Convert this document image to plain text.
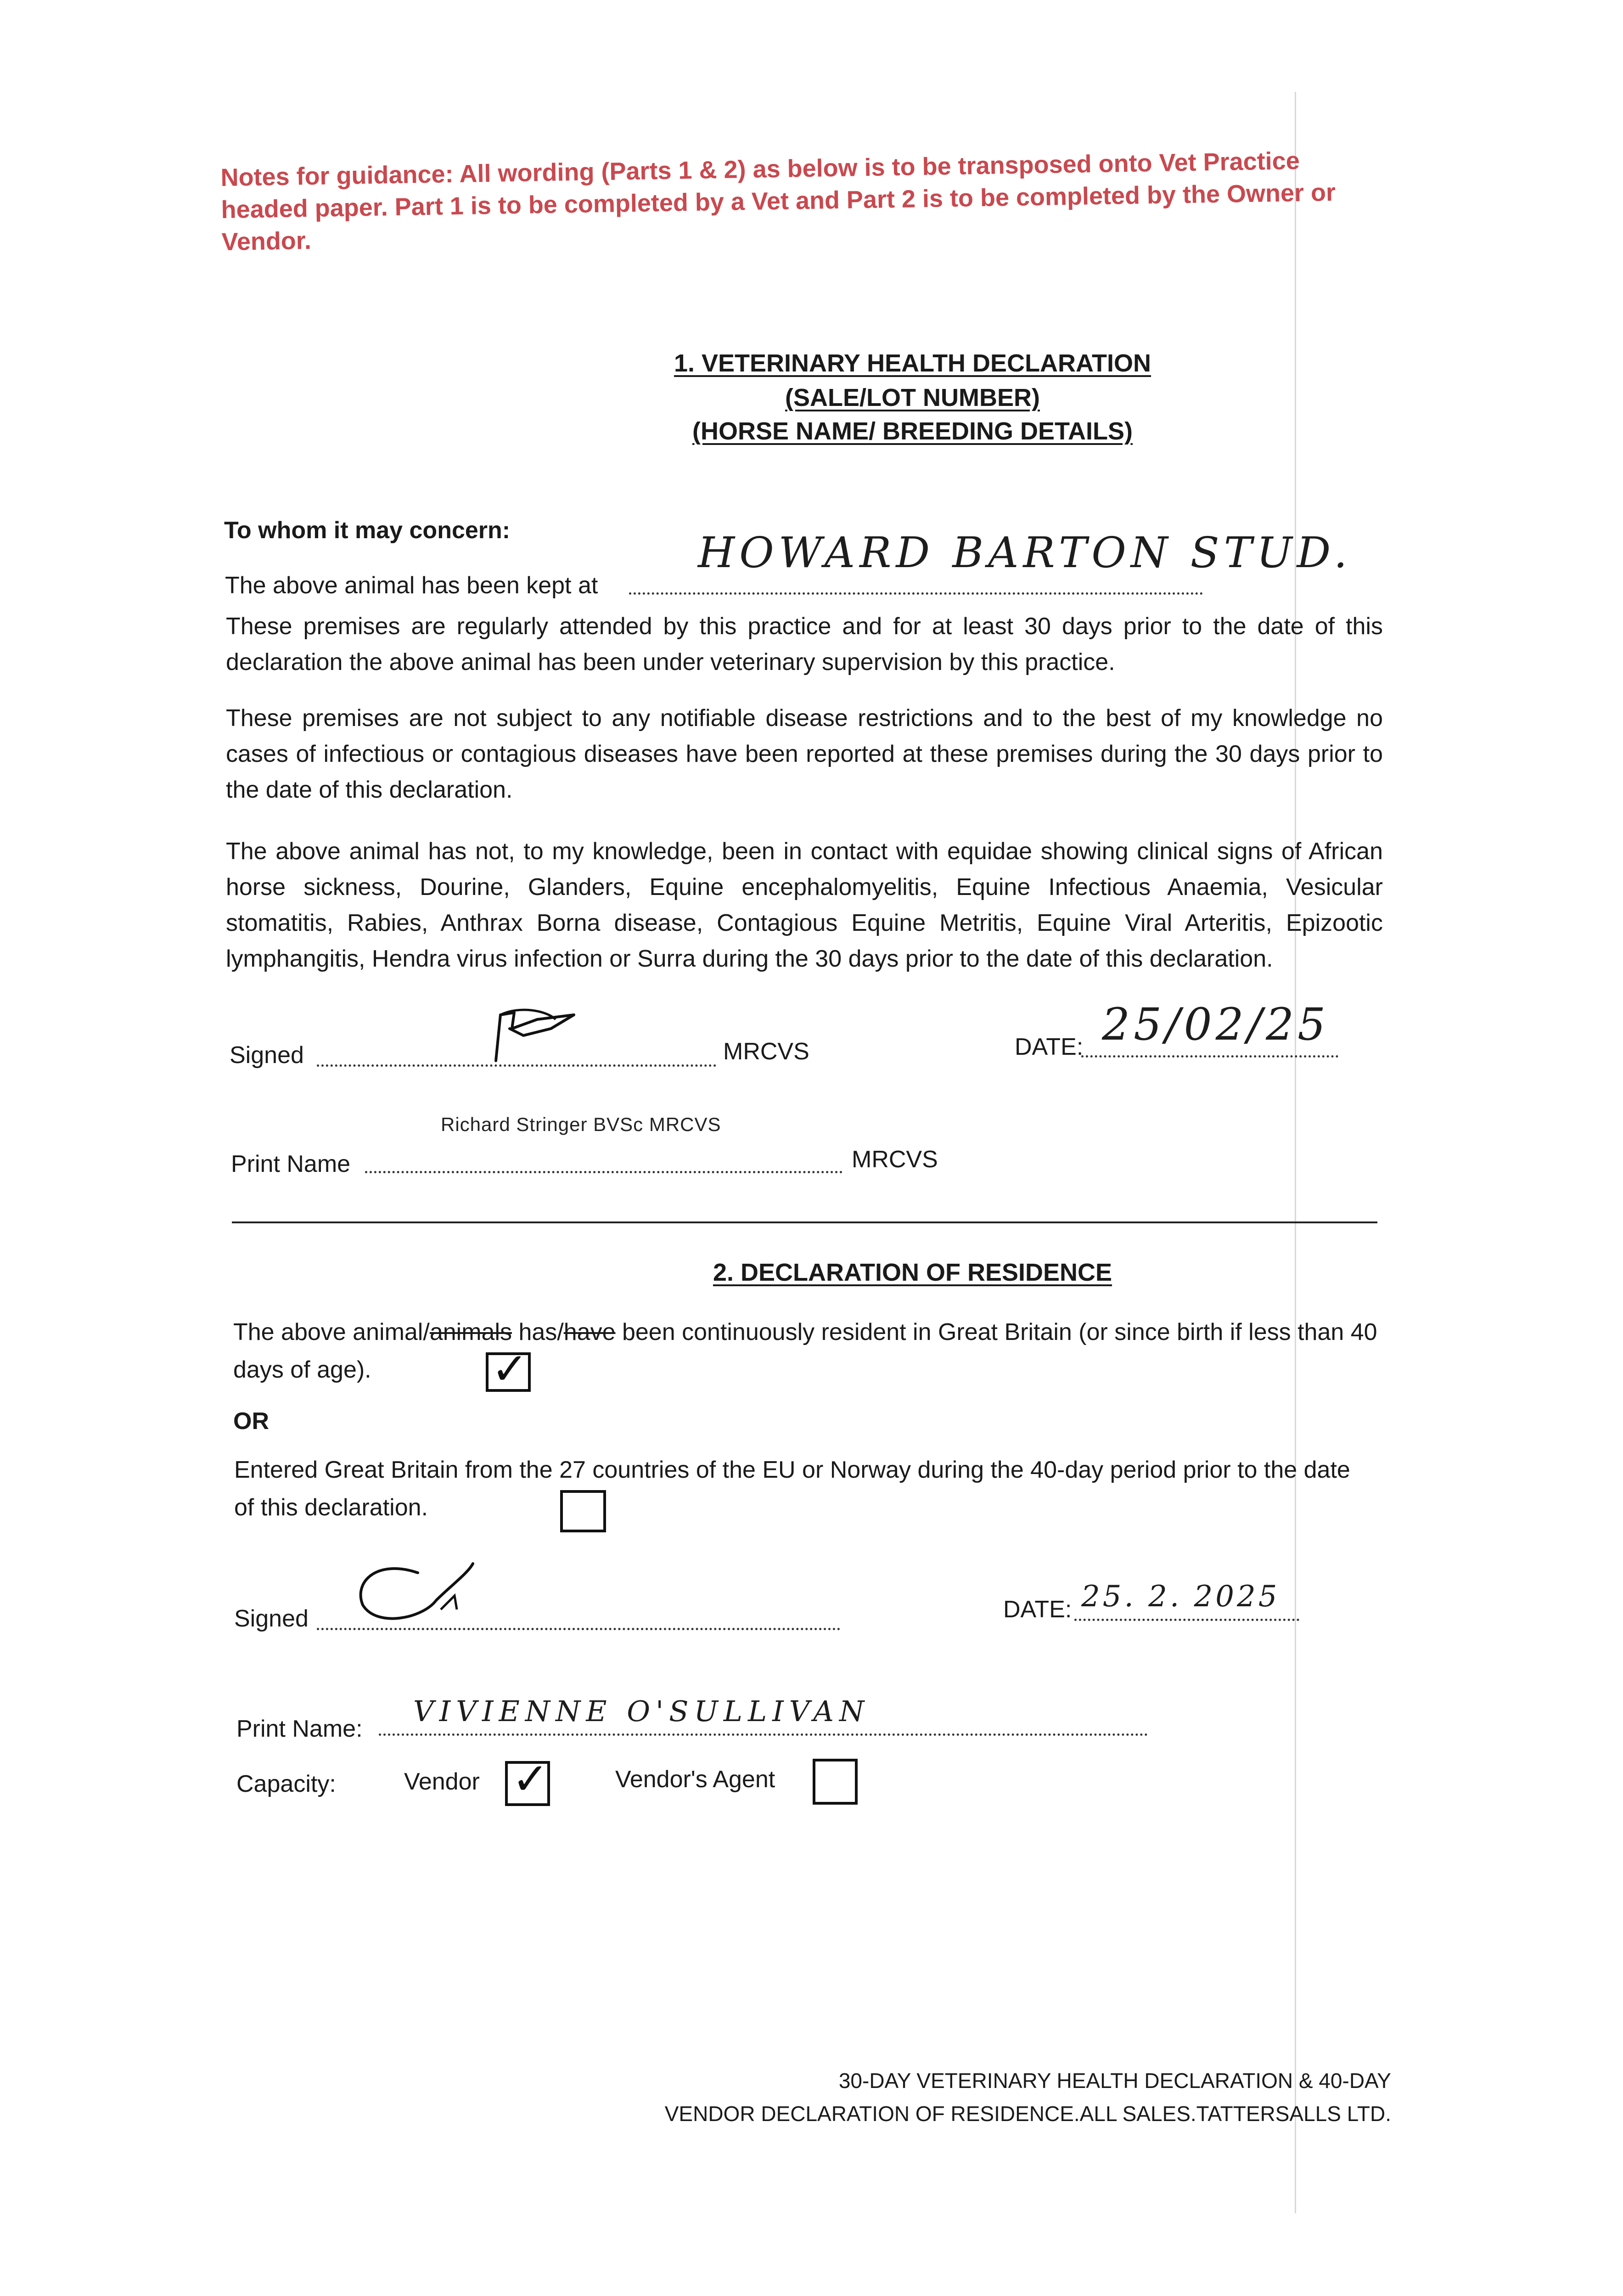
Notes for guidance: All wording (Parts 1 & 2) as below is to be transposed onto Vet Practice headed paper. Part 1 is to be completed by a Vet and Part 2 is to be completed by the Owner or Vendor.
1. VETERINARY HEALTH DECLARATION
(SALE/LOT NUMBER)
(HORSE NAME/ BREEDING DETAILS)
To whom it may concern:
The above animal has been kept at
HOWARD BARTON STUD.
These premises are regularly attended by this practice and for at least 30 days prior to the date of this declaration the above animal has been under veterinary supervision by this practice.
These premises are not subject to any notifiable disease restrictions and to the best of my knowledge no cases of infectious or contagious diseases have been reported at these premises during the 30 days prior to the date of this declaration.
The above animal has not, to my knowledge, been in contact with equidae showing clinical signs of African horse sickness, Dourine, Glanders, Equine encephalomyelitis, Equine Infectious Anaemia, Vesicular stomatitis, Rabies, Anthrax Borna disease, Contagious Equine Metritis, Equine Viral Arteritis, Epizootic lymphangitis, Hendra virus infection or Surra during the 30 days prior to the date of this declaration.
Signed	MRCVS	DATE: 25/02/25
Richard Stringer BVSc MRCVS
Print Name	MRCVS
2. DECLARATION OF RESIDENCE
The above animal/animals has/have been continuously resident in Great Britain (or since birth if less than 40 days of age).	✓
OR
Entered Great Britain from the 27 countries of the EU or Norway during the 40-day period prior to the date of this declaration.
Signed	DATE: 25. 2. 2025
Print Name:
VIVIENNE O'SULLIVAN
Capacity:	Vendor ✓	Vendor's Agent
30-DAY VETERINARY HEALTH DECLARATION & 40-DAY
VENDOR DECLARATION OF RESIDENCE.ALL SALES.TATTERSALLS LTD.
